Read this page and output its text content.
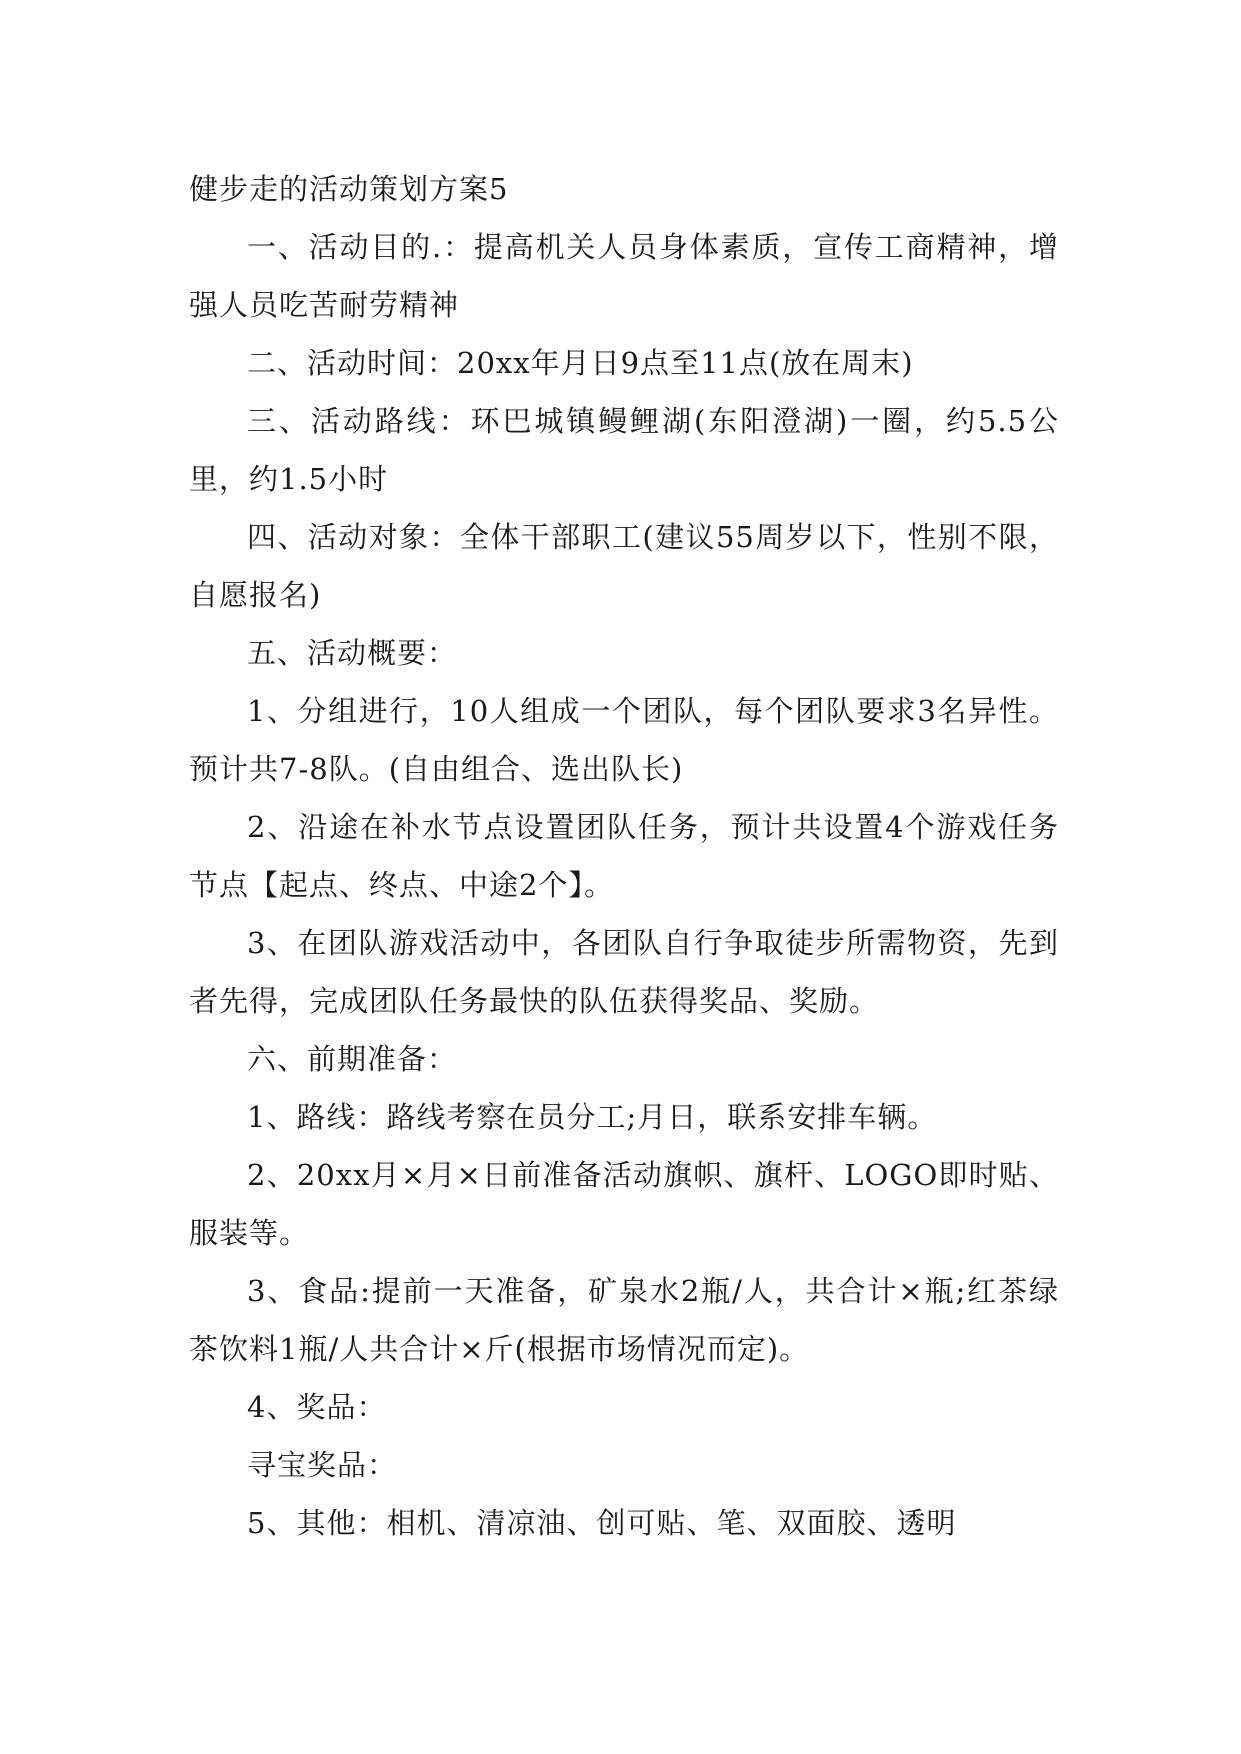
健步走的活动策划方案5

一、活动目的.：提高机关人员身体素质，宣传工商精神，增强人员吃苦耐劳精神

二、活动时间：20xx年月日9点至11点(放在周末)

三、活动路线：环巴城镇鳗鲤湖(东阳澄湖)一圈，约5.5公里，约1.5小时

四、活动对象：全体干部职工(建议55周岁以下，性别不限，自愿报名)

五、活动概要：

1、分组进行，10人组成一个团队，每个团队要求3名异性。预计共7-8队。(自由组合、选出队长)

2、沿途在补水节点设置团队任务，预计共设置4个游戏任务节点【起点、终点、中途2个】。

3、在团队游戏活动中，各团队自行争取徒步所需物资，先到者先得，完成团队任务最快的队伍获得奖品、奖励。

六、前期准备：

1、路线：路线考察在员分工;月日，联系安排车辆。

2、20xx月×月×日前准备活动旗帜、旗杆、LOGO即时贴、服装等。

3、食品:提前一天准备，矿泉水2瓶/人，共合计×瓶;红茶绿茶饮料1瓶/人共合计×斤(根据市场情况而定)。

4、奖品：

寻宝奖品：

5、其他：相机、清凉油、创可贴、笔、双面胶、透明
